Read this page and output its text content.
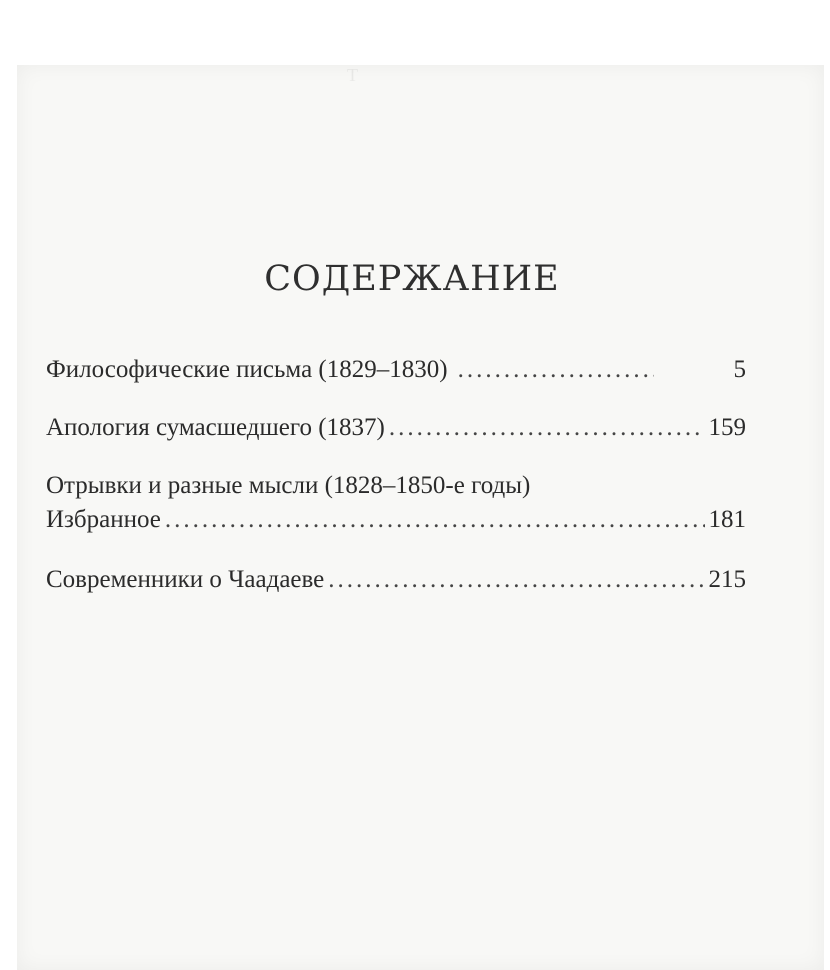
Т
СОДЕРЖАНИЕ
Философические письма (1829–1830) .....	5
Апология сумасшедшего (1837) .....	159
Отрывки и разные мысли (1828–1850-е годы)
Избранное .....	181
Современники о Чаадаеве .....	215
